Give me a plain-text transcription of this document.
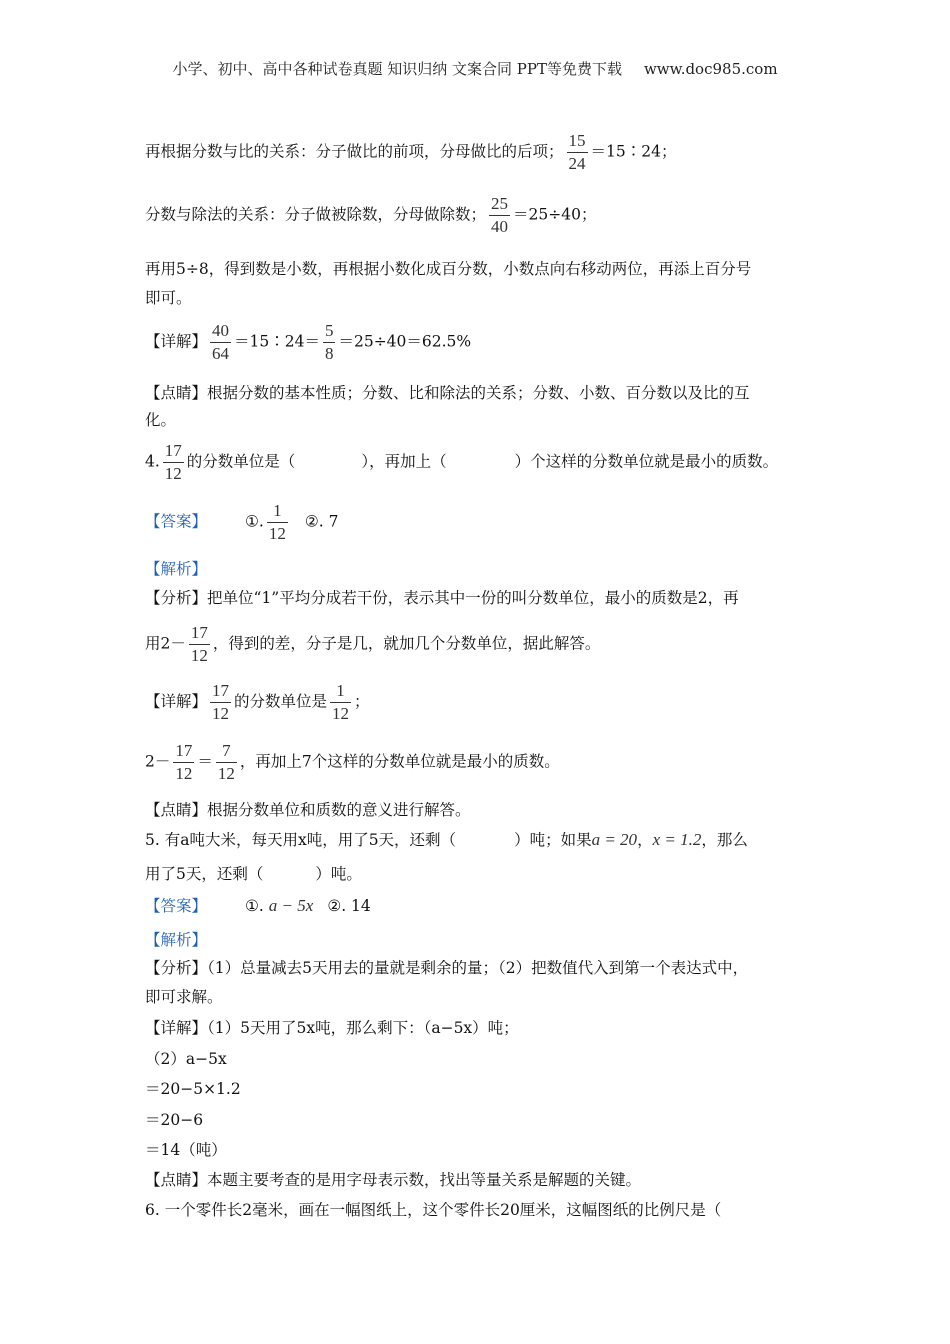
小学、初中、高中各种试卷真题 知识归纳 文案合同 PPT等免费下载 www.doc985.com
再根据分数与比的关系：分子做比的前项，分母做比的后项； $\frac{15}{24}$ ＝15∶24；
分数与除法的关系：分子做被除数，分母做除数； $\frac{25}{40} =25\div 40$；
再用5÷8，得到数是小数，再根据小数化成百分数，小数点向右移动两位，再添上百分号
即可。
【详解】 $\frac{40}{64}$ ＝15∶24＝ $\frac{5}{8} =25\div 40=62.5\%$
【点睛】根据分数的基本性质；分数、比和除法的关系；分数、小数、百分数以及比的互
化。
4. $\frac{17}{12}$ 的分数单位是（	），再加上（	）个这样的分数单位就是最小的质数。
【答案】 ①. $\frac{1}{12}$ ②. 7
【解析】
【分析】把单位“1”平均分成若干份，表示其中一份的叫分数单位，最小的质数是2，再
用$2- \frac{17}{12}$ ，得到的差，分子是几，就加几个分数单位，据此解答。
【详解】 $\frac{17}{12}$ 的分数单位是 $\frac{1}{12}$ ；
$2- \frac{17}{12} = \frac{7}{12}$ ，再加上7个这样的分数单位就是最小的质数。
【点睛】根据分数单位和质数的意义进行解答。
5. 有a吨大米，每天用x吨，用了5天，还剩（	）吨；如果a = 20，x = 1.2，那么
用了5天，还剩（	）吨。
【答案】 ①. a − 5x ②. 14
【解析】
【分析】（1）总量减去5天用去的量就是剩余的量；（2）把数值代入到第一个表达式中，
即可求解。
【详解】（1）5天用了5x吨，那么剩下：（a−5x）吨；
（2）a−5x
＝20−5×1.2
＝20−6
＝14（吨）
【点睛】本题主要考查的是用字母表示数，找出等量关系是解题的关键。
6. 一个零件长2毫米，画在一幅图纸上，这个零件长20厘米，这幅图纸的比例尺是（
